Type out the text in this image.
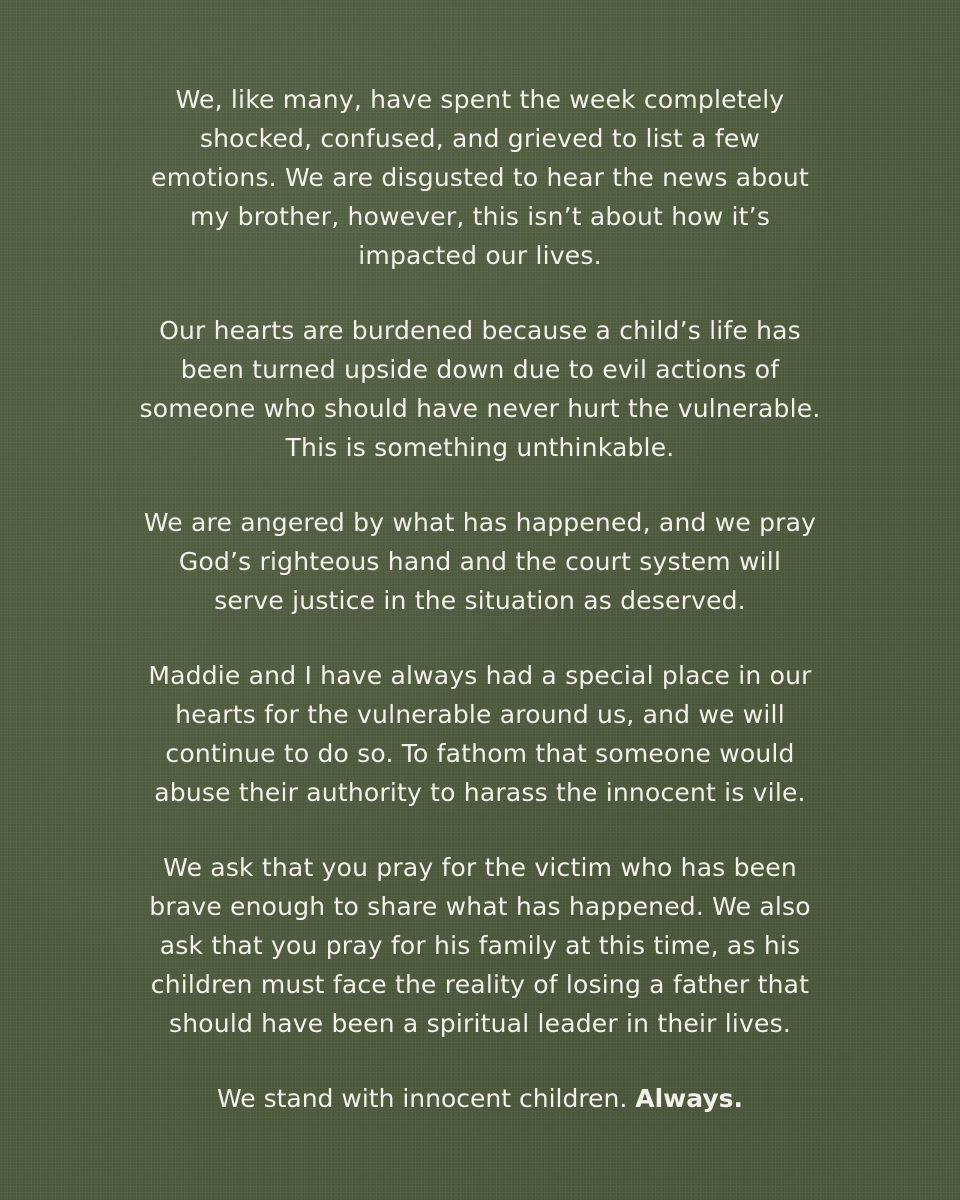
We, like many, have spent the week completely
shocked, confused, and grieved to list a few
emotions. We are disgusted to hear the news about
my brother, however, this isn’t about how it’s
impacted our lives.

Our hearts are burdened because a child’s life has
been turned upside down due to evil actions of
someone who should have never hurt the vulnerable.
This is something unthinkable.

We are angered by what has happened, and we pray
God’s righteous hand and the court system will
serve justice in the situation as deserved.

Maddie and I have always had a special place in our
hearts for the vulnerable around us, and we will
continue to do so. To fathom that someone would
abuse their authority to harass the innocent is vile.

We ask that you pray for the victim who has been
brave enough to share what has happened. We also
ask that you pray for his family at this time, as his
children must face the reality of losing a father that
should have been a spiritual leader in their lives.

We stand with innocent children. Always.
